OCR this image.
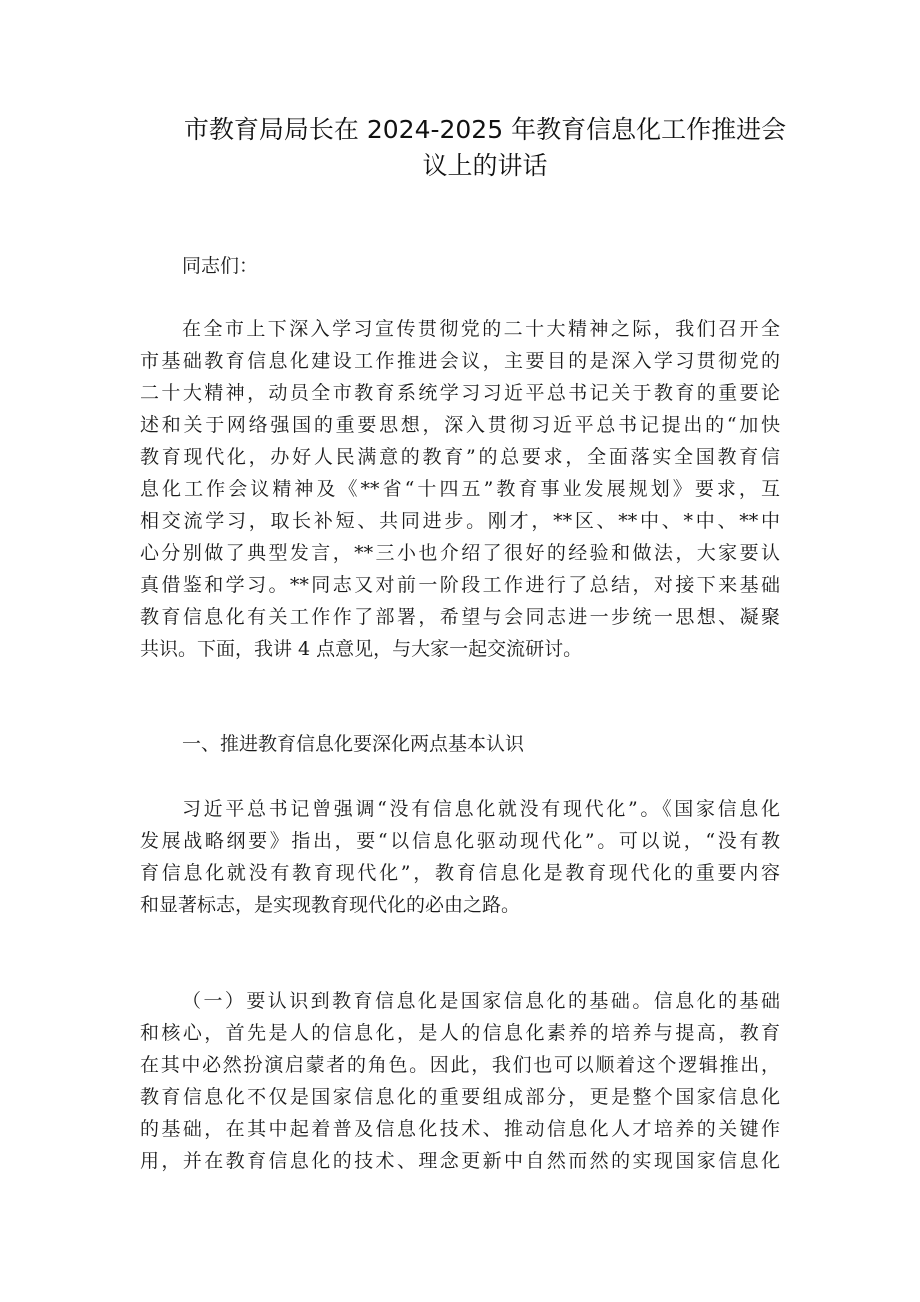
市教育局局长在 2024-2025 年教育信息化工作推进会
议上的讲话
同志们：
在全市上下深入学习宣传贯彻党的二十大精神之际，我们召开全
市基础教育信息化建设工作推进会议，主要目的是深入学习贯彻党的
二十大精神，动员全市教育系统学习习近平总书记关于教育的重要论
述和关于网络强国的重要思想，深入贯彻习近平总书记提出的“加快
教育现代化，办好人民满意的教育”的总要求，全面落实全国教育信
息化工作会议精神及《**省“十四五”教育事业发展规划》要求，互
相交流学习，取长补短、共同进步。刚才，**区、**中、*中、**中
心分别做了典型发言，**三小也介绍了很好的经验和做法，大家要认
真借鉴和学习。**同志又对前一阶段工作进行了总结，对接下来基础
教育信息化有关工作作了部署，希望与会同志进一步统一思想、凝聚
共识。下面，我讲 4 点意见，与大家一起交流研讨。
一、推进教育信息化要深化两点基本认识
习近平总书记曾强调“没有信息化就没有现代化”。《国家信息化
发展战略纲要》指出，要“以信息化驱动现代化”。可以说，“没有教
育信息化就没有教育现代化”，教育信息化是教育现代化的重要内容
和显著标志，是实现教育现代化的必由之路。
（一）要认识到教育信息化是国家信息化的基础。信息化的基础
和核心，首先是人的信息化，是人的信息化素养的培养与提高，教育
在其中必然扮演启蒙者的角色。因此，我们也可以顺着这个逻辑推出，
教育信息化不仅是国家信息化的重要组成部分，更是整个国家信息化
的基础，在其中起着普及信息化技术、推动信息化人才培养的关键作
用，并在教育信息化的技术、理念更新中自然而然的实现国家信息化
